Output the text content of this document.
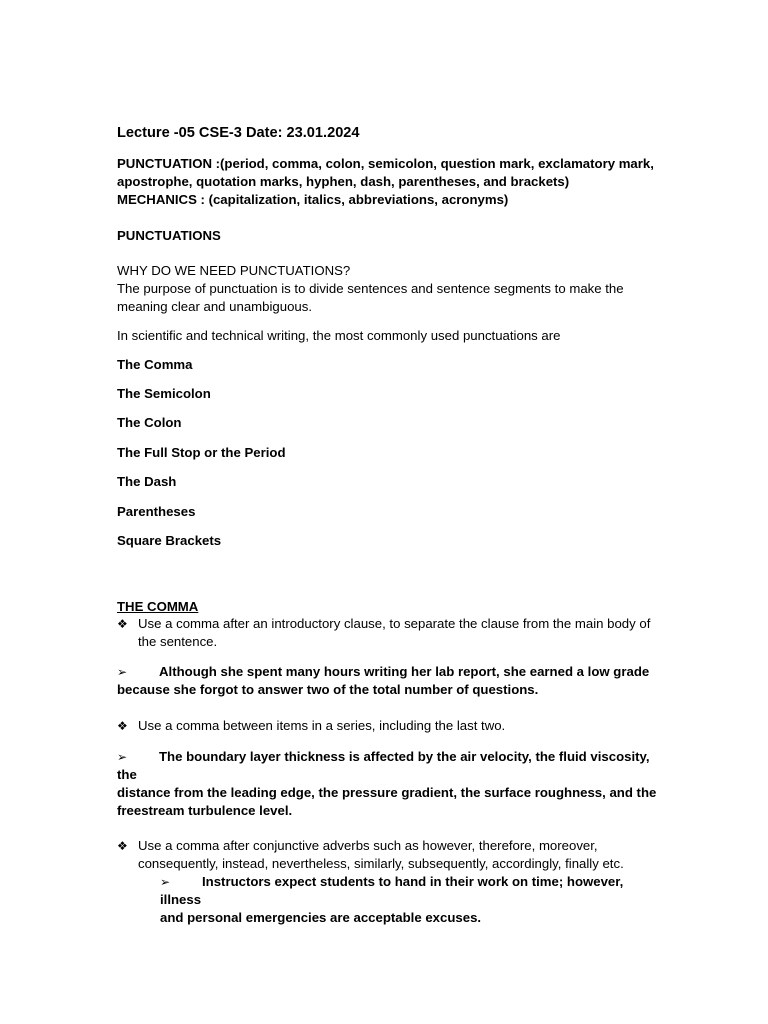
Lecture -05 CSE-3 Date: 23.01.2024
PUNCTUATION :(period, comma, colon, semicolon, question mark, exclamatory mark,
apostrophe, quotation marks, hyphen, dash, parentheses, and brackets)
MECHANICS : (capitalization, italics, abbreviations, acronyms)
PUNCTUATIONS
WHY DO WE NEED PUNCTUATIONS?
The purpose of punctuation is to divide sentences and sentence segments to make the
meaning clear and unambiguous.
In scientific and technical writing, the most commonly used punctuations are
The Comma
The Semicolon
The Colon
The Full Stop or the Period
The Dash
Parentheses
Square Brackets
THE COMMA
❖ Use a comma after an introductory clause, to separate the clause from the main body of
the sentence.
➢ Although she spent many hours writing her lab report, she earned a low grade
because she forgot to answer two of the total number of questions.
❖ Use a comma between items in a series, including the last two.
➢ The boundary layer thickness is affected by the air velocity, the fluid viscosity, the
distance from the leading edge, the pressure gradient, the surface roughness, and the
freestream turbulence level.
❖ Use a comma after conjunctive adverbs such as however, therefore, moreover,
consequently, instead, nevertheless, similarly, subsequently, accordingly, finally etc.
➢ Instructors expect students to hand in their work on time; however, illness
and personal emergencies are acceptable excuses.
